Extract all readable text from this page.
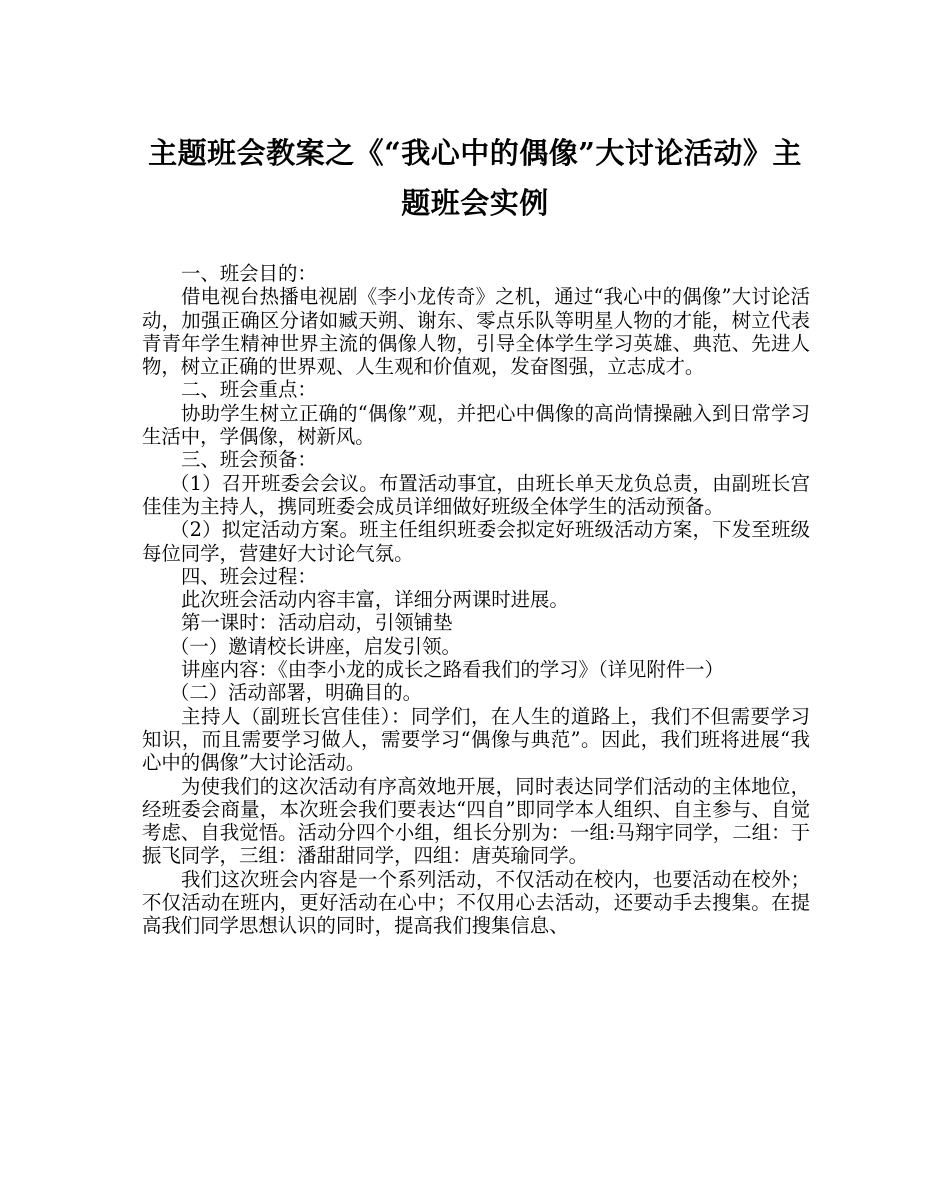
主题班会教案之《“我心中的偶像”大讨论活动》主题班会实例

一、班会目的：

借电视台热播电视剧《李小龙传奇》之机，通过“我心中的偶像”大讨论活动，加强正确区分诸如臧天朔、谢东、零点乐队等明星人物的才能，树立代表青青年学生精神世界主流的偶像人物，引导全体学生学习英雄、典范、先进人物，树立正确的世界观、人生观和价值观，发奋图强，立志成才。

二、班会重点：

协助学生树立正确的“偶像”观，并把心中偶像的高尚情操融入到日常学习生活中，学偶像，树新风。

三、班会预备：

（1）召开班委会会议。布置活动事宜，由班长单天龙负总责，由副班长宫佳佳为主持人，携同班委会成员详细做好班级全体学生的活动预备。

（2）拟定活动方案。班主任组织班委会拟定好班级活动方案，下发至班级每位同学，营建好大讨论气氛。

四、班会过程：

此次班会活动内容丰富，详细分两课时进展。

第一课时：活动启动，引领铺垫

（一）邀请校长讲座，启发引领。

讲座内容：《由李小龙的成长之路看我们的学习》（详见附件一）

（二）活动部署，明确目的。

主持人（副班长宫佳佳）：同学们，在人生的道路上，我们不但需要学习知识，而且需要学习做人，需要学习“偶像与典范”。因此，我们班将进展“我心中的偶像”大讨论活动。

为使我们的这次活动有序高效地开展，同时表达同学们活动的主体地位，经班委会商量，本次班会我们要表达“四自”即同学本人组织、自主参与、自觉考虑、自我觉悟。活动分四个小组，组长分别为：一组:马翔宇同学，二组：于振飞同学，三组：潘甜甜同学，四组：唐英瑜同学。

我们这次班会内容是一个系列活动，不仅活动在校内，也要活动在校外；不仅活动在班内，更好活动在心中；不仅用心去活动，还要动手去搜集。在提高我们同学思想认识的同时，提高我们搜集信息、
